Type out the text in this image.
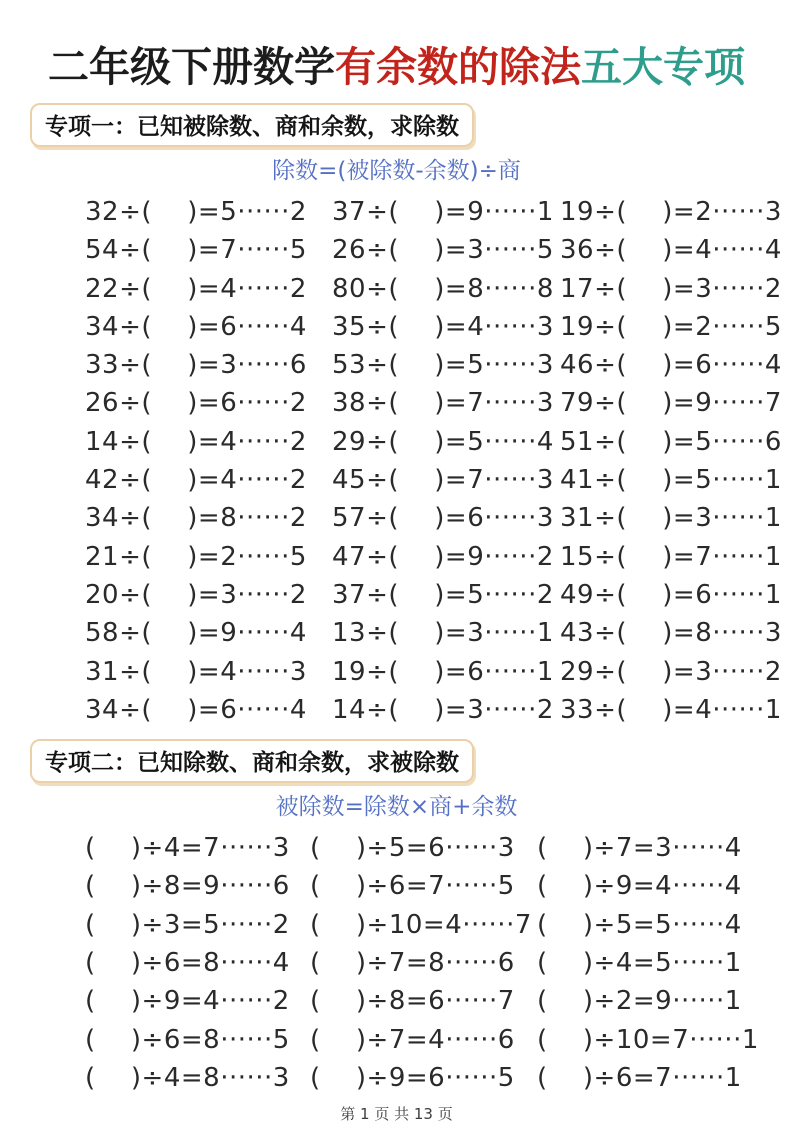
二年级下册数学有余数的除法五大专项
专项一：已知被除数、商和余数，求除数
除数=(被除数-余数)÷商
32÷(　 )=5······2 37÷(　 )=9······1 19÷(　 )=2······3
54÷(　 )=7······5 26÷(　 )=3······5 36÷(　 )=4······4
22÷(　 )=4······2 80÷(　 )=8······8 17÷(　 )=3······2
34÷(　 )=6······4 35÷(　 )=4······3 19÷(　 )=2······5
33÷(　 )=3······6 53÷(　 )=5······3 46÷(　 )=6······4
26÷(　 )=6······2 38÷(　 )=7······3 79÷(　 )=9······7
14÷(　 )=4······2 29÷(　 )=5······4 51÷(　 )=5······6
42÷(　 )=4······2 45÷(　 )=7······3 41÷(　 )=5······1
34÷(　 )=8······2 57÷(　 )=6······3 31÷(　 )=3······1
21÷(　 )=2······5 47÷(　 )=9······2 15÷(　 )=7······1
20÷(　 )=3······2 37÷(　 )=5······2 49÷(　 )=6······1
58÷(　 )=9······4 13÷(　 )=3······1 43÷(　 )=8······3
31÷(　 )=4······3 19÷(　 )=6······1 29÷(　 )=3······2
34÷(　 )=6······4 14÷(　 )=3······2 33÷(　 )=4······1
专项二：已知除数、商和余数，求被除数
被除数=除数×商+余数
(　 )÷4=7······3 (　 )÷5=6······3 (　 )÷7=3······4
(　 )÷8=9······6 (　 )÷6=7······5 (　 )÷9=4······4
(　 )÷3=5······2 (　 )÷10=4······7 (　 )÷5=5······4
(　 )÷6=8······4 (　 )÷7=8······6 (　 )÷4=5······1
(　 )÷9=4······2 (　 )÷8=6······7 (　 )÷2=9······1
(　 )÷6=8······5 (　 )÷7=4······6 (　 )÷10=7······1
(　 )÷4=8······3 (　 )÷9=6······5 (　 )÷6=7······1
第 1 页 共 13 页
